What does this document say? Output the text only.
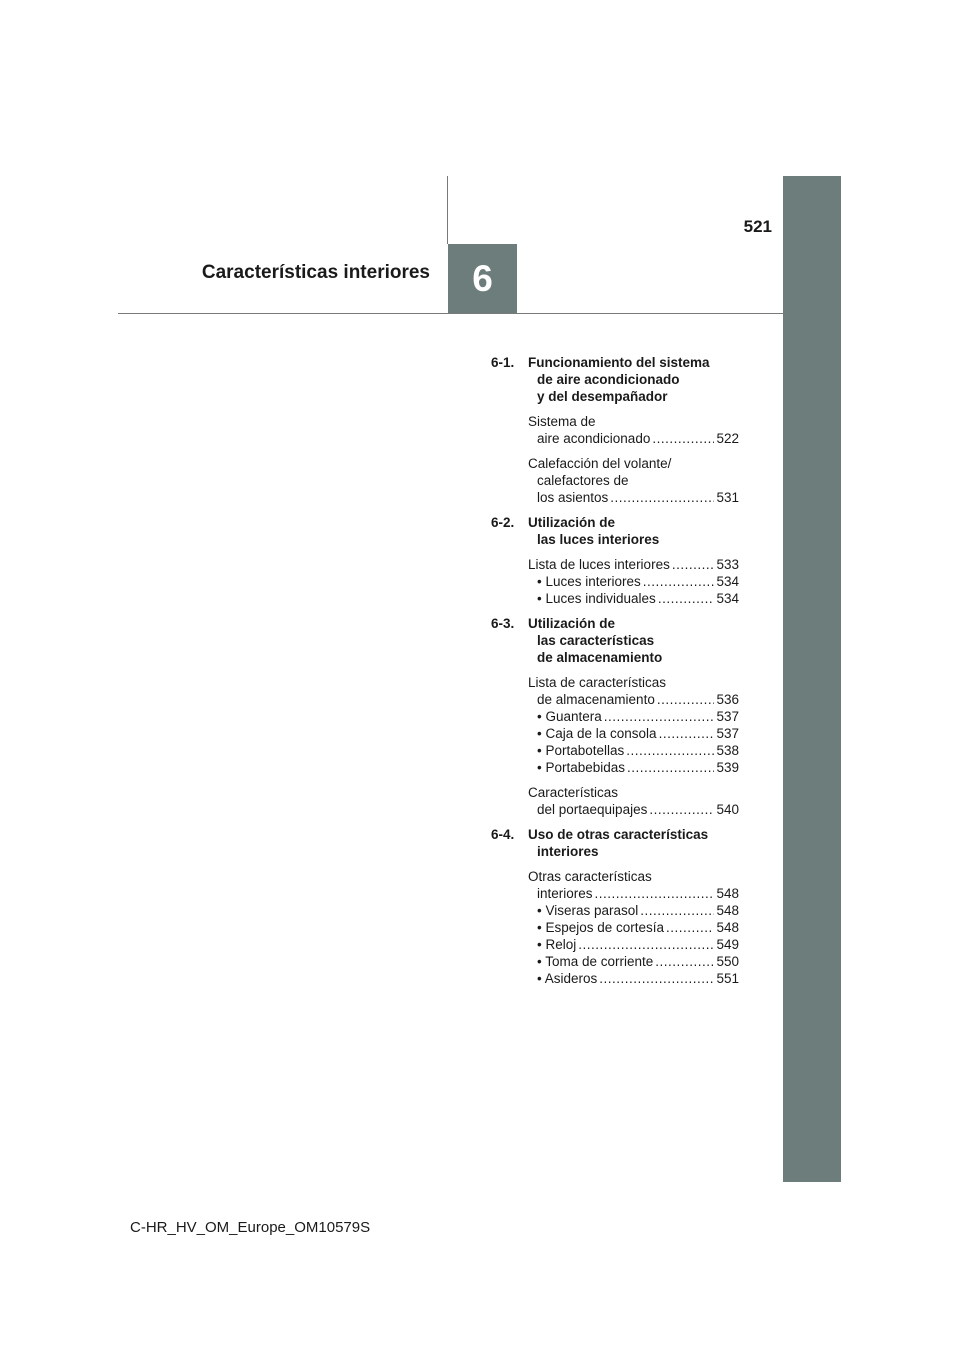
521
Características interiores 6
6-1.	Funcionamiento del sistema
de aire acondicionado
y del desempañador
Sistema de
aire acondicionado .....	522
Calefacción del volante/
calefactores de
los asientos .....	531
6-2.	Utilización de
las luces interiores
Lista de luces interiores .....	533
• Luces interiores .....	534
• Luces individuales .....	534
6-3.	Utilización de
las características
de almacenamiento
Lista de características
de almacenamiento .....	536
• Guantera .....	537
• Caja de la consola .....	537
• Portabotellas .....	538
• Portabebidas .....	539
Características
del portaequipajes .....	540
6-4.	Uso de otras características
interiores
Otras características
interiores .....	548
• Viseras parasol .....	548
• Espejos de cortesía .....	548
• Reloj .....	549
• Toma de corriente .....	550
• Asideros .....	551
C-HR_HV_OM_Europe_OM10579S
